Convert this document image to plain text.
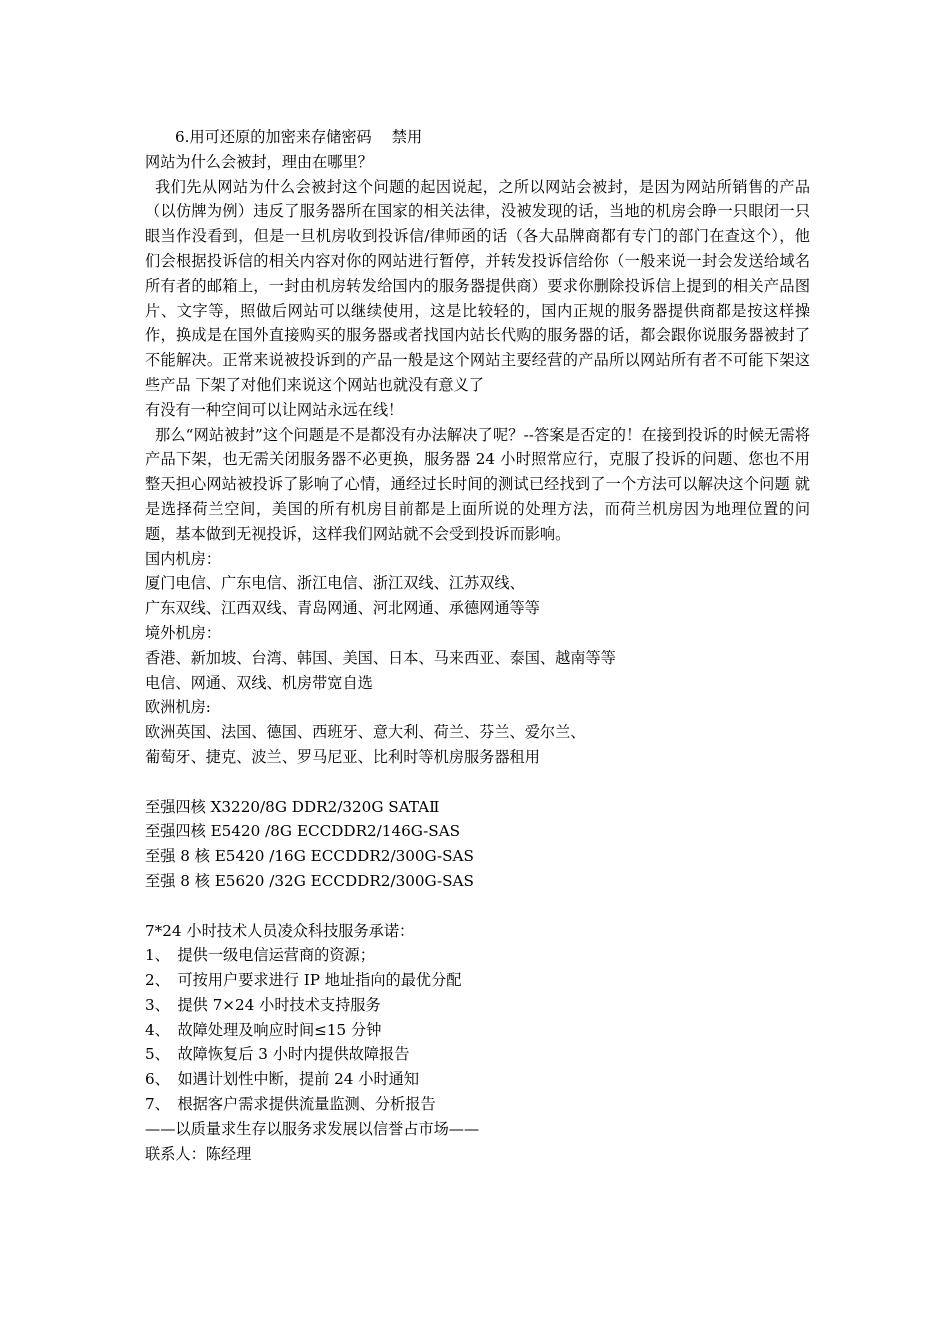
6.用可还原的加密来存储密码　 禁用
网站为什么会被封，理由在哪里？
我们先从网站为什么会被封这个问题的起因说起，之所以网站会被封，是因为网站所销售的产品（以仿牌为例）违反了服务器所在国家的相关法律，没被发现的话，当地的机房会睁一只眼闭一只眼当作没看到，但是一旦机房收到投诉信/律师函的话（各大品牌商都有专门的部门在查这个），他们会根据投诉信的相关内容对你的网站进行暂停，并转发投诉信给你（一般来说一封会发送给域名所有者的邮箱上，一封由机房转发给国内的服务器提供商）要求你删除投诉信上提到的相关产品图片、文字等，照做后网站可以继续使用，这是比较轻的，国内正规的服务器提供商都是按这样操作，换成是在国外直接购买的服务器或者找国内站长代购的服务器的话，都会跟你说服务器被封了不能解决。正常来说被投诉到的产品一般是这个网站主要经营的产品所以网站所有者不可能下架这些产品 下架了对他们来说这个网站也就没有意义了
有没有一种空间可以让网站永远在线！
那么“网站被封”这个问题是不是都没有办法解决了呢？--答案是否定的！在接到投诉的时候无需将产品下架，也无需关闭服务器不必更换，服务器 24 小时照常应行，克服了投诉的问题、您也不用整天担心网站被投诉了影响了心情，通经过长时间的测试已经找到了一个方法可以解决这个问题 就是选择荷兰空间，美国的所有机房目前都是上面所说的处理方法，而荷兰机房因为地理位置的问题，基本做到无视投诉，这样我们网站就不会受到投诉而影响。
国内机房：
厦门电信、广东电信、浙江电信、浙江双线、江苏双线、
广东双线、江西双线、青岛网通、河北网通、承德网通等等
境外机房：
香港、新加坡、台湾、韩国、美国、日本、马来西亚、泰国、越南等等
电信、网通、双线、机房带宽自选
欧洲机房:
欧洲英国、法国、德国、西班牙、意大利、荷兰、芬兰、爱尔兰、
葡萄牙、捷克、波兰、罗马尼亚、比利时等机房服务器租用
至强四核 X3220/8G DDR2/320G SATAⅡ
至强四核 E5420 /8G ECCDDR2/146G-SAS
至强 8 核 E5420 /16G ECCDDR2/300G-SAS
至强 8 核 E5620 /32G ECCDDR2/300G-SAS
7*24 小时技术人员凌众科技服务承诺：
1、　提供一级电信运营商的资源；
2、　可按用户要求进行 IP 地址指向的最优分配
3、　提供 7×24 小时技术支持服务
4、　故障处理及响应时间≤15 分钟
5、　故障恢复后 3 小时内提供故障报告
6、　如遇计划性中断，提前 24 小时通知
7、　根据客户需求提供流量监测、分析报告
——以质量求生存以服务求发展以信誉占市场——
联系人：陈经理
